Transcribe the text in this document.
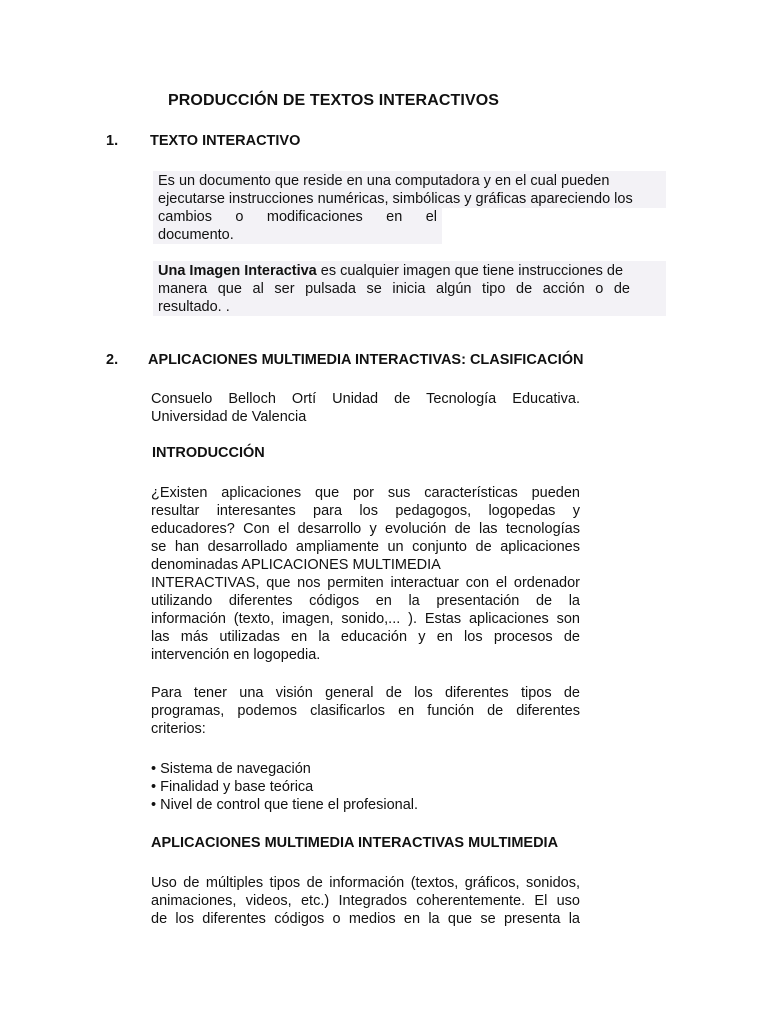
PRODUCCIÓN DE TEXTOS INTERACTIVOS
1. TEXTO INTERACTIVO
Es un documento que reside en una computadora y en el cual pueden
ejecutarse instrucciones numéricas, simbólicas y gráficas apareciendo los
cambios o modificaciones en el
documento.
Una Imagen Interactiva es cualquier imagen que tiene instrucciones de
manera que al ser pulsada se inicia algún tipo de acción o de
resultado. .
2. APLICACIONES MULTIMEDIA INTERACTIVAS: CLASIFICACIÓN
Consuelo Belloch Ortí Unidad de Tecnología Educativa.
Universidad de Valencia
INTRODUCCIÓN
¿Existen aplicaciones que por sus características pueden
resultar interesantes para los pedagogos, logopedas y
educadores? Con el desarrollo y evolución de las tecnologías
se han desarrollado ampliamente un conjunto de aplicaciones
denominadas APLICACIONES MULTIMEDIA
INTERACTIVAS, que nos permiten interactuar con el ordenador
utilizando diferentes códigos en la presentación de la
información (texto, imagen, sonido,... ). Estas aplicaciones son
las más utilizadas en la educación y en los procesos de
intervención en logopedia.
Para tener una visión general de los diferentes tipos de
programas, podemos clasificarlos en función de diferentes
criterios:
• Sistema de navegación
• Finalidad y base teórica
• Nivel de control que tiene el profesional.
APLICACIONES MULTIMEDIA INTERACTIVAS MULTIMEDIA
Uso de múltiples tipos de información (textos, gráficos, sonidos,
animaciones, videos, etc.) Integrados coherentemente. El uso
de los diferentes códigos o medios en la que se presenta la
